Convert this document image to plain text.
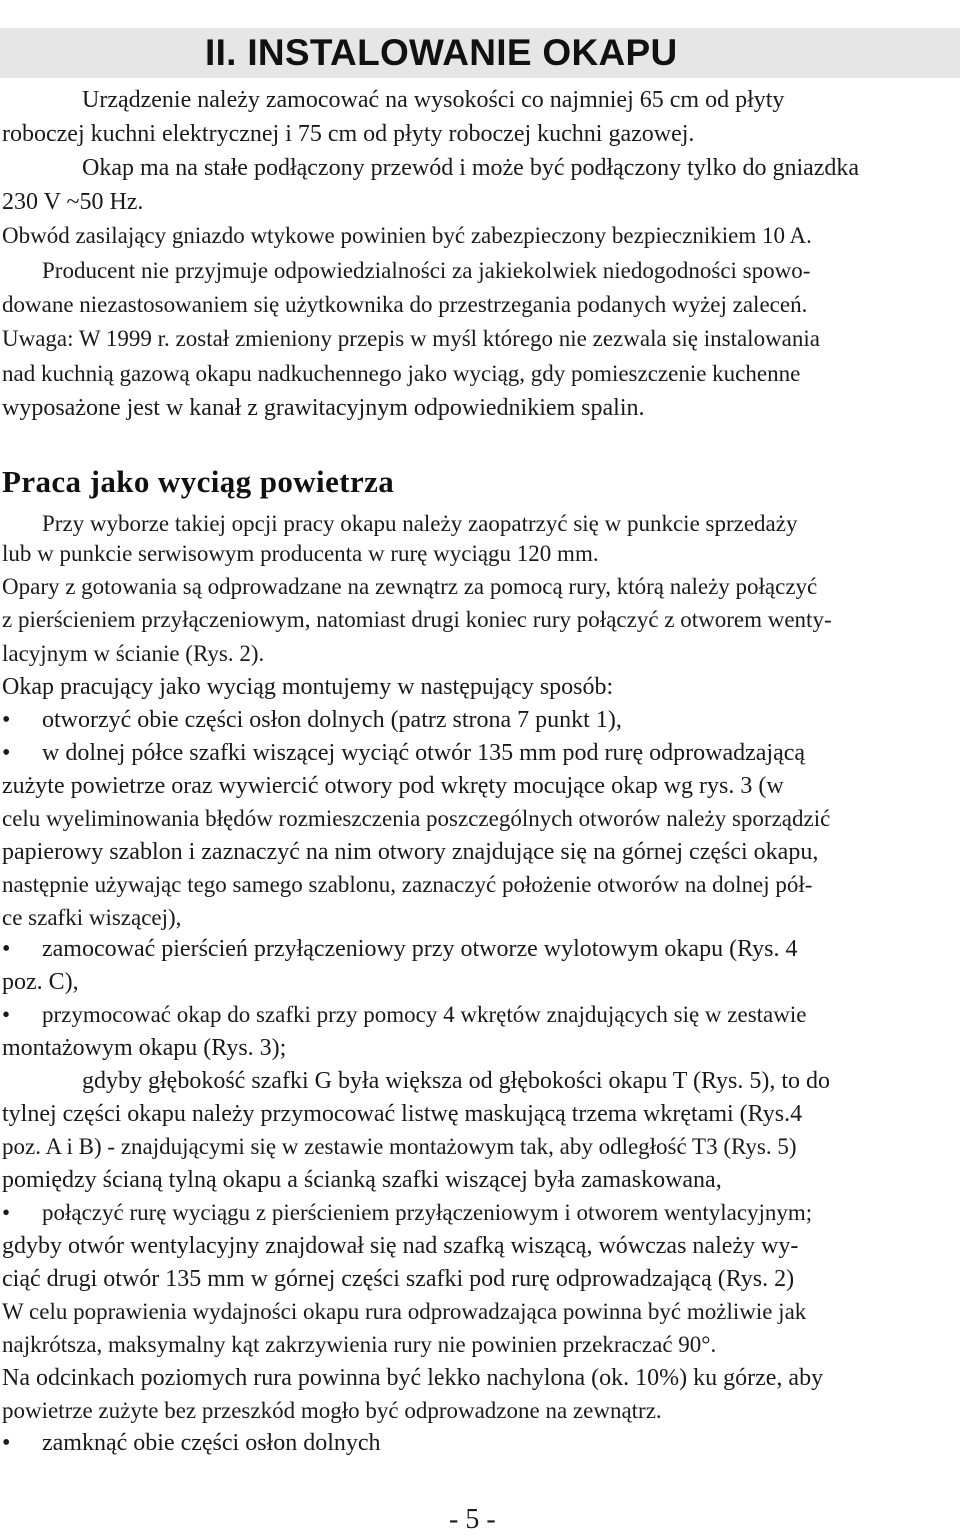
II. INSTALOWANIE OKAPU
Urządzenie należy zamocować na wysokości co najmniej 65 cm od płyty
roboczej kuchni elektrycznej i 75 cm od płyty roboczej kuchni gazowej.
Okap ma na stałe podłączony przewód i może być podłączony tylko do gniazdka
230 V ~50 Hz.
Obwód zasilający gniazdo wtykowe powinien być zabezpieczony bezpiecznikiem 10 A.
Producent nie przyjmuje odpowiedzialności za jakiekolwiek niedogodności spowo-
dowane niezastosowaniem się użytkownika do przestrzegania podanych wyżej zaleceń.
Uwaga: W 1999 r. został zmieniony przepis w myśl którego nie zezwala się instalowania
nad kuchnią gazową okapu nadkuchennego jako wyciąg, gdy pomieszczenie kuchenne
wyposażone jest w kanał z grawitacyjnym odpowiednikiem spalin.
Praca jako wyciąg powietrza
Przy wyborze takiej opcji pracy okapu należy zaopatrzyć się w punkcie sprzedaży
lub w punkcie serwisowym producenta w rurę wyciągu 120 mm.
Opary z gotowania są odprowadzane na zewnątrz za pomocą rury, którą należy połączyć
z pierścieniem przyłączeniowym, natomiast drugi koniec rury połączyć z otworem wenty-
lacyjnym w ścianie (Rys. 2).
Okap pracujący jako wyciąg montujemy w następujący sposób:
• otworzyć obie części osłon dolnych (patrz strona 7 punkt 1),
• w dolnej półce szafki wiszącej wyciąć otwór 135 mm pod rurę odprowadzającą
zużyte powietrze oraz wywiercić otwory pod wkręty mocujące okap wg rys. 3 (w
celu wyeliminowania błędów rozmieszczenia poszczególnych otworów należy sporządzić
papierowy szablon i zaznaczyć na nim otwory znajdujące się na górnej części okapu,
następnie używając tego samego szablonu, zaznaczyć położenie otworów na dolnej pół-
ce szafki wiszącej),
• zamocować pierścień przyłączeniowy przy otworze wylotowym okapu (Rys. 4
poz. C),
• przymocować okap do szafki przy pomocy 4 wkrętów znajdujących się w zestawie
montażowym okapu (Rys. 3);
gdyby głębokość szafki G była większa od głębokości okapu T (Rys. 5), to do
tylnej części okapu należy przymocować listwę maskującą trzema wkrętami (Rys.4
poz. A i B) - znajdującymi się w zestawie montażowym tak, aby odległość T3 (Rys. 5)
pomiędzy ścianą tylną okapu a ścianką szafki wiszącej była zamaskowana,
• połączyć rurę wyciągu z pierścieniem przyłączeniowym i otworem wentylacyjnym;
gdyby otwór wentylacyjny znajdował się nad szafką wiszącą, wówczas należy wy-
ciąć drugi otwór 135 mm w górnej części szafki pod rurę odprowadzającą (Rys. 2)
W celu poprawienia wydajności okapu rura odprowadzająca powinna być możliwie jak
najkrótsza, maksymalny kąt zakrzywienia rury nie powinien przekraczać 90°.
Na odcinkach poziomych rura powinna być lekko nachylona (ok. 10%) ku górze, aby
powietrze zużyte bez przeszkód mogło być odprowadzone na zewnątrz.
• zamknąć obie części osłon dolnych
- 5 -
